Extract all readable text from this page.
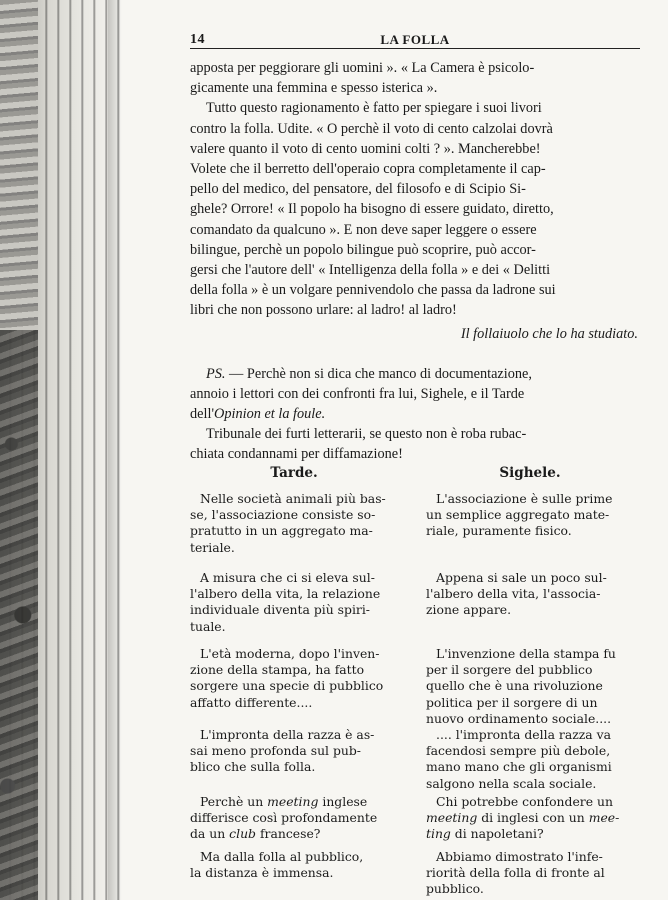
14	LA FOLLA
apposta per peggiorare gli uomini ». « La Camera è psicolo-
gicamente una femmina e spesso isterica ».
Tutto questo ragionamento è fatto per spiegare i suoi livori
contro la folla. Udite. « O perchè il voto di cento calzolai dovrà
valere quanto il voto di cento uomini colti ? ». Mancherebbe!
Volete che il berretto dell'operaio copra completamente il cap-
pello del medico, del pensatore, del filosofo e di Scipio Si-
ghele? Orrore! « Il popolo ha bisogno di essere guidato, diretto,
comandato da qualcuno ». E non deve saper leggere o essere
bilingue, perchè un popolo bilingue può scoprire, può accor-
gersi che l'autore dell' « Intelligenza della folla » e dei « Delitti
della folla » è un volgare pennivendolo che passa da ladrone sui
libri che non possono urlare: al ladro! al ladro!
Il follaiuolo che lo ha studiato.
PS. — Perchè non si dica che manco di documentazione,
annoio i lettori con dei confronti fra lui, Sighele, e il Tarde
dell'Opinion et la foule.
Tribunale dei furti letterarii, se questo non è roba rubac-
chiata condannami per diffamazione!
Tarde.
Nelle società animali più bas-
se, l'associazione consiste so-
pratutto in un aggregato ma-
teriale.
A misura che ci si eleva sul-
l'albero della vita, la relazione
individuale diventa più spiri-
tuale.
L'età moderna, dopo l'inven-
zione della stampa, ha fatto
sorgere una specie di pubblico
affatto differente....
L'impronta della razza è as-
sai meno profonda sul pub-
blico che sulla folla.
Perchè un meeting inglese
differisce così profondamente
da un club francese?
Ma dalla folla al pubblico,
la distanza è immensa.
Sighele.
L'associazione è sulle prime
un semplice aggregato mate-
riale, puramente fisico.
Appena si sale un poco sul-
l'albero della vita, l'associa-
zione appare.
L'invenzione della stampa fu
per il sorgere del pubblico
quello che è una rivoluzione
politica per il sorgere di un
nuovo ordinamento sociale....
.... l'impronta della razza va
facendosi sempre più debole,
mano mano che gli organismi
salgono nella scala sociale.
Chi potrebbe confondere un
meeting di inglesi con un mee-
ting di napoletani?
Abbiamo dimostrato l'infe-
riorità della folla di fronte al
pubblico.
